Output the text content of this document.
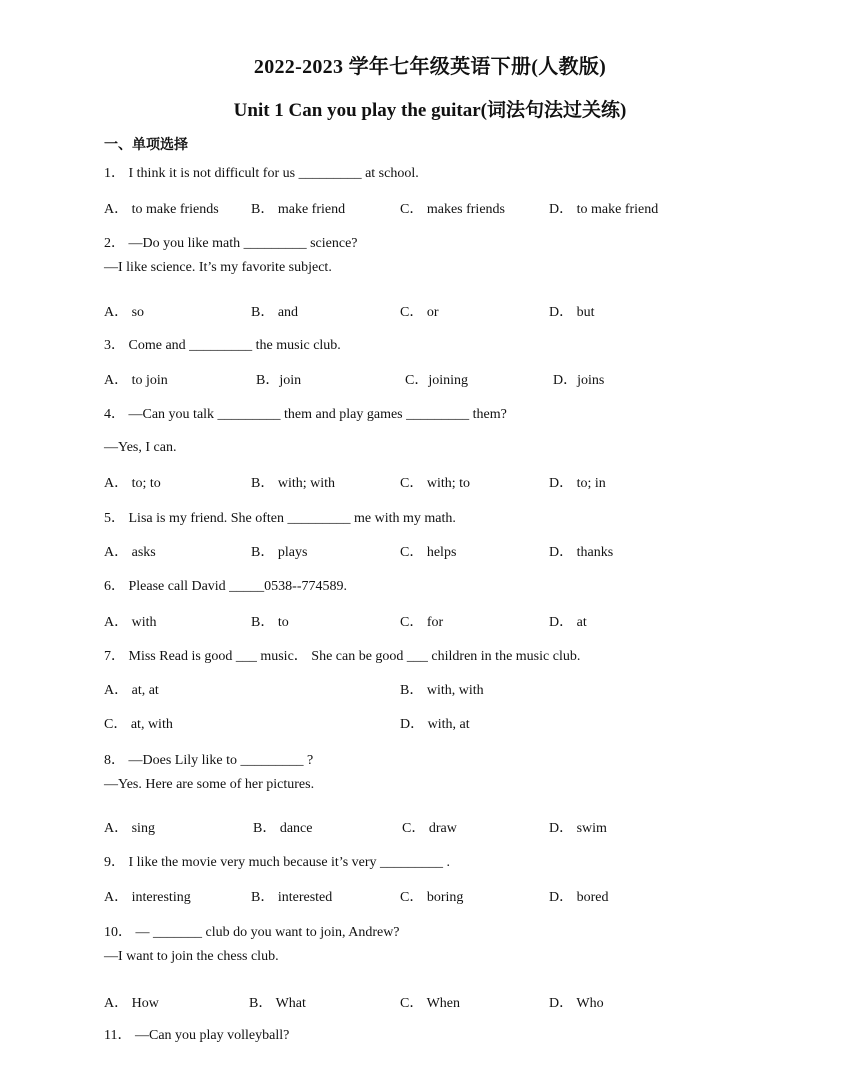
2022-2023 学年七年级英语下册(人教版)
Unit 1 Can you play the guitar(词法句法过关练)
一、单项选择
1． I think it is not difficult for us _________ at school.
A． to make friends B． make friend	C． makes friends	D． to make friend
2． —Do you like math _________ science?
—I like science. It’s my favorite subject.
A． so	B． and	C． or	D． but
3． Come and _________ the music club.
A． to join	B．join	C．joining	D．joins
4． —Can you talk _________ them and play games _________ them?
—Yes, I can.
A． to; to	B． with; with	C． with; to	D． to; in
5． Lisa is my friend. She often _________ me with my math.
A． asks	B． plays	C． helps	D． thanks
6． Please call David _____0538--774589.
A． with	B． to	C． for	D． at
7． Miss Read is good ___ music． She can be good ___ children in the music club.
A． at, at	B． with, with
C． at, with	D． with, at
8． —Does Lily like to _________ ?
—Yes. Here are some of her pictures.
A． sing	B． dance	C． draw	D． swim
9． I like the movie very much because it’s very _________ .
A． interesting	B． interested	C． boring	D． bored
10． — _______ club do you want to join, Andrew?
—I want to join the chess club.
A． How	B． What	C． When	D． Who
11． —Can you play volleyball?
